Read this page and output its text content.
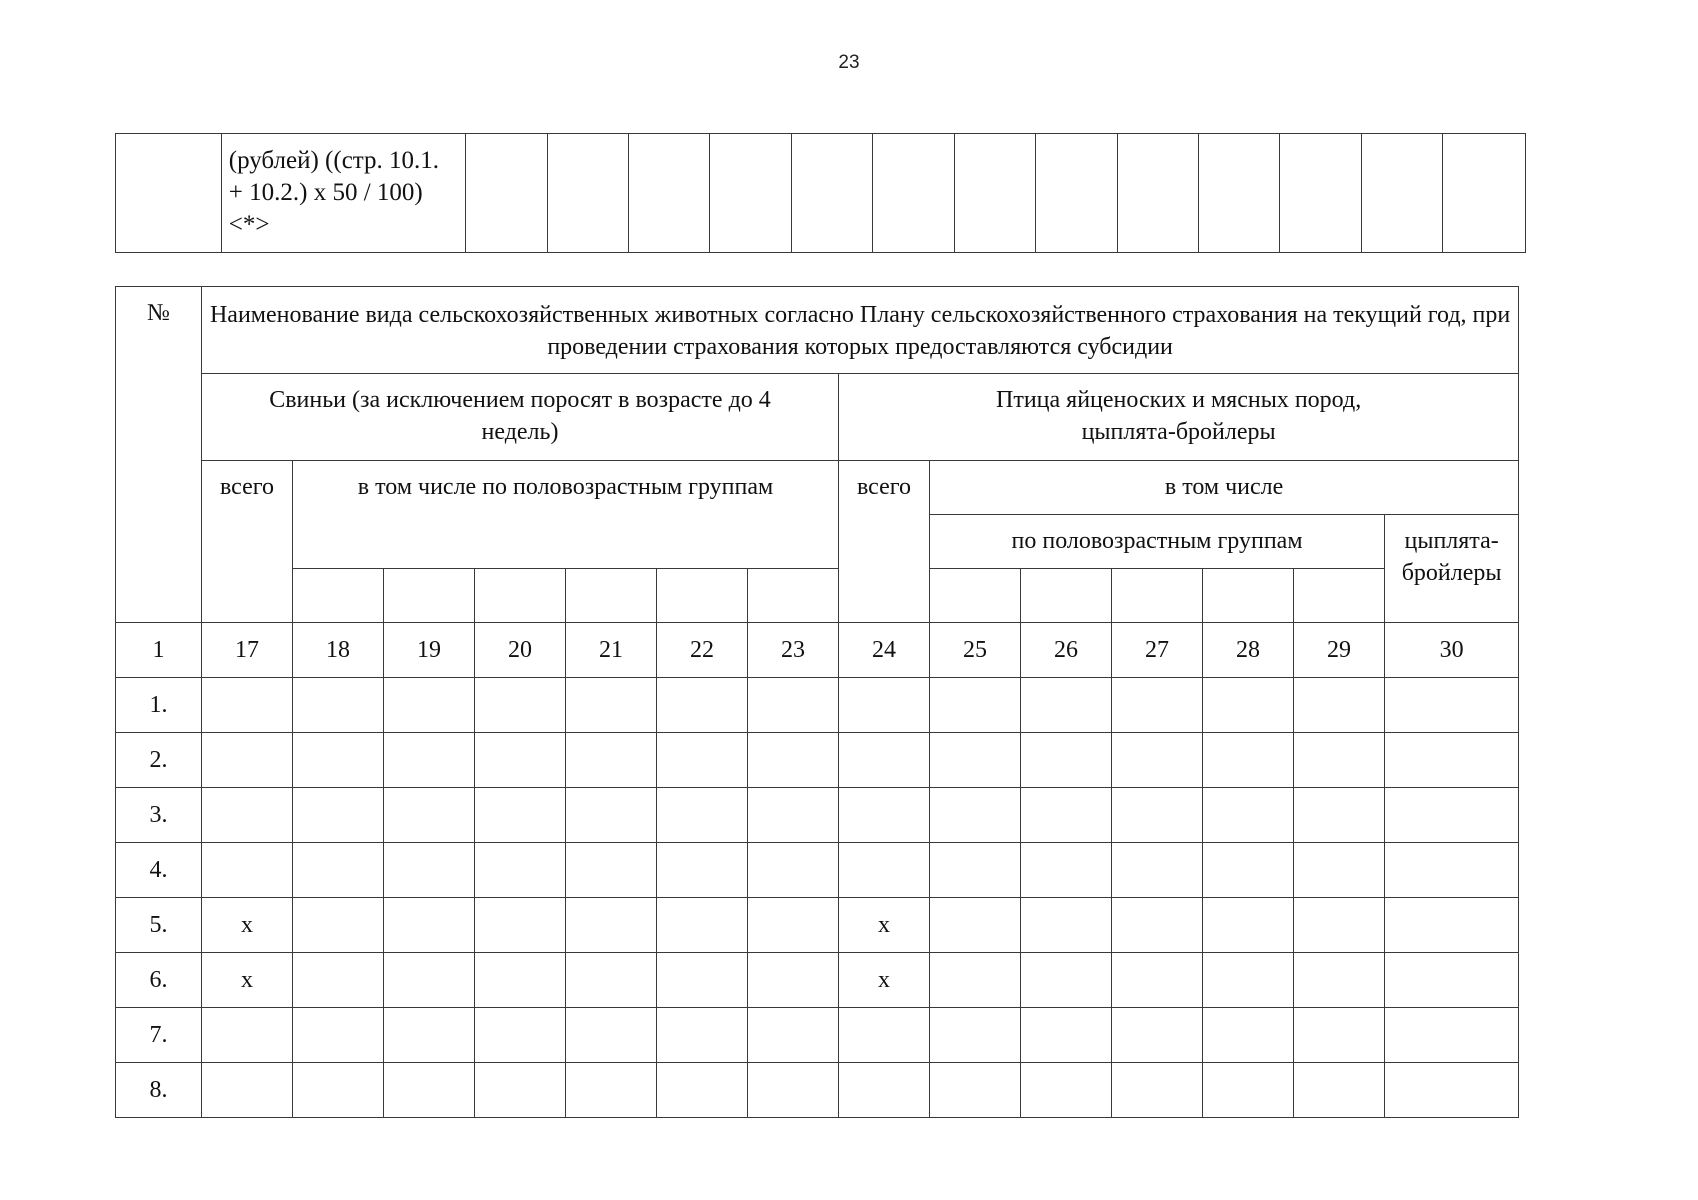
23
	(рублей) ((стр. 10.1. + 10.2.) x 50 / 100) <*>													
№	Наименование вида сельскохозяйственных животных согласно Плану сельскохозяйственного страхования на текущий год, при проведении страхования которых предоставляются субсидии													
	Свиньи (за исключением поросят в возрасте до 4 недель)							Птица яйценоских и мясных пород, цыплята-бройлеры						
	всего	в том числе по половозрастным группам						всего	в том числе					
									по половозрастным группам					цыплята-бройлеры

1	17	18	19	20	21	22	23	24	25	26	27	28	29	30
1.														
2.														
3.														
4.														
5.	x							x						
6.	x							x						
7.														
8.														
